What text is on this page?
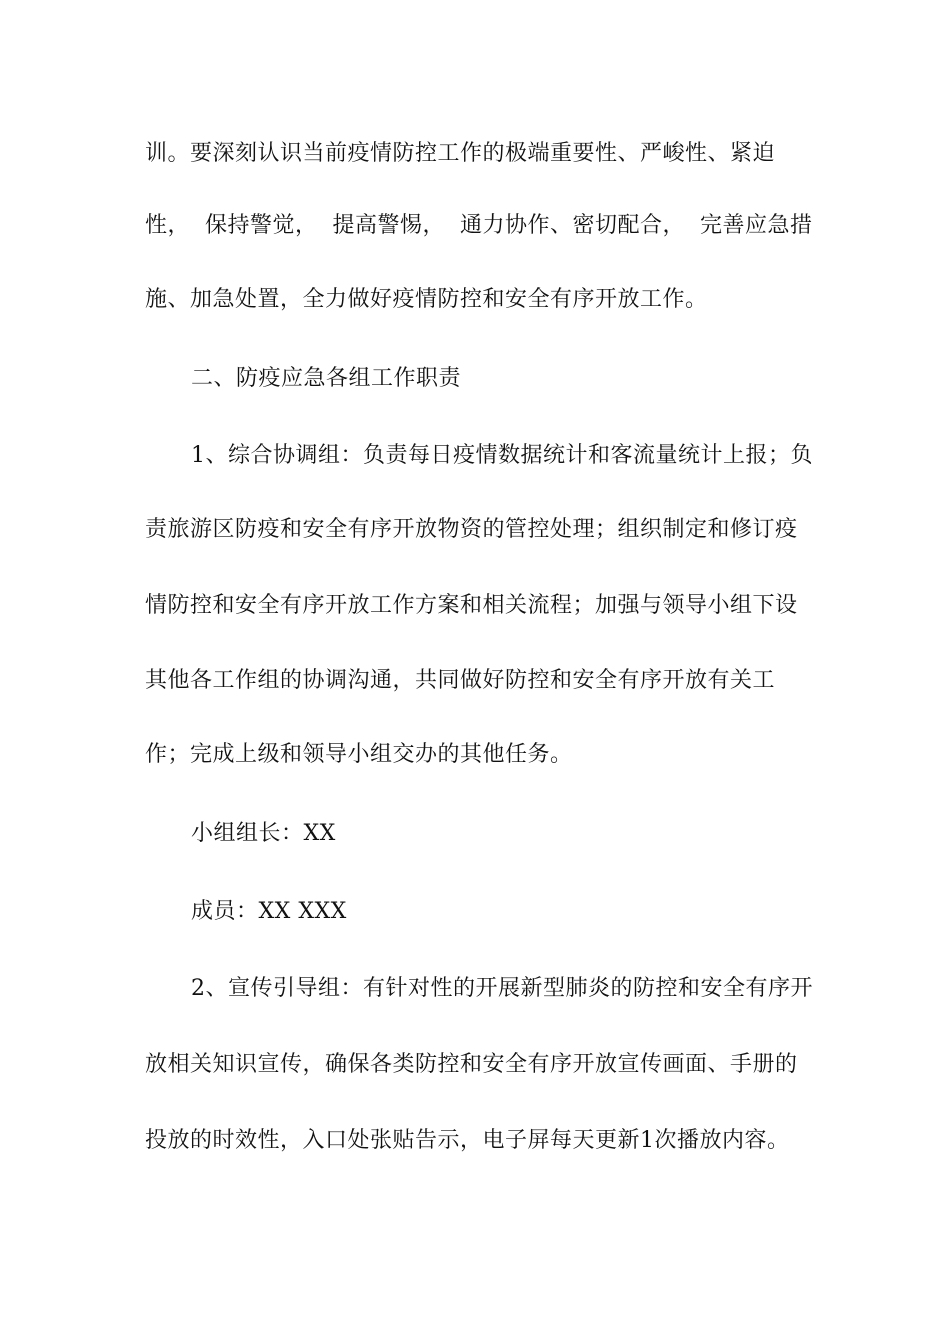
训。要深刻认识当前疫情防控工作的极端重要性、严峻性、紧迫
性，  保持警觉，  提高警惕，  通力协作、密切配合，  完善应急措
施、加急处置，全力做好疫情防控和安全有序开放工作。
二、防疫应急各组工作职责
1、综合协调组：负责每日疫情数据统计和客流量统计上报；负
责旅游区防疫和安全有序开放物资的管控处理；组织制定和修订疫
情防控和安全有序开放工作方案和相关流程；加强与领导小组下设
其他各工作组的协调沟通，共同做好防控和安全有序开放有关工
作；完成上级和领导小组交办的其他任务。
小组组长：XX
成员：XX XXX
2、宣传引导组：有针对性的开展新型肺炎的防控和安全有序开
放相关知识宣传，确保各类防控和安全有序开放宣传画面、手册的
投放的时效性，入口处张贴告示，电子屏每天更新1次播放内容。
